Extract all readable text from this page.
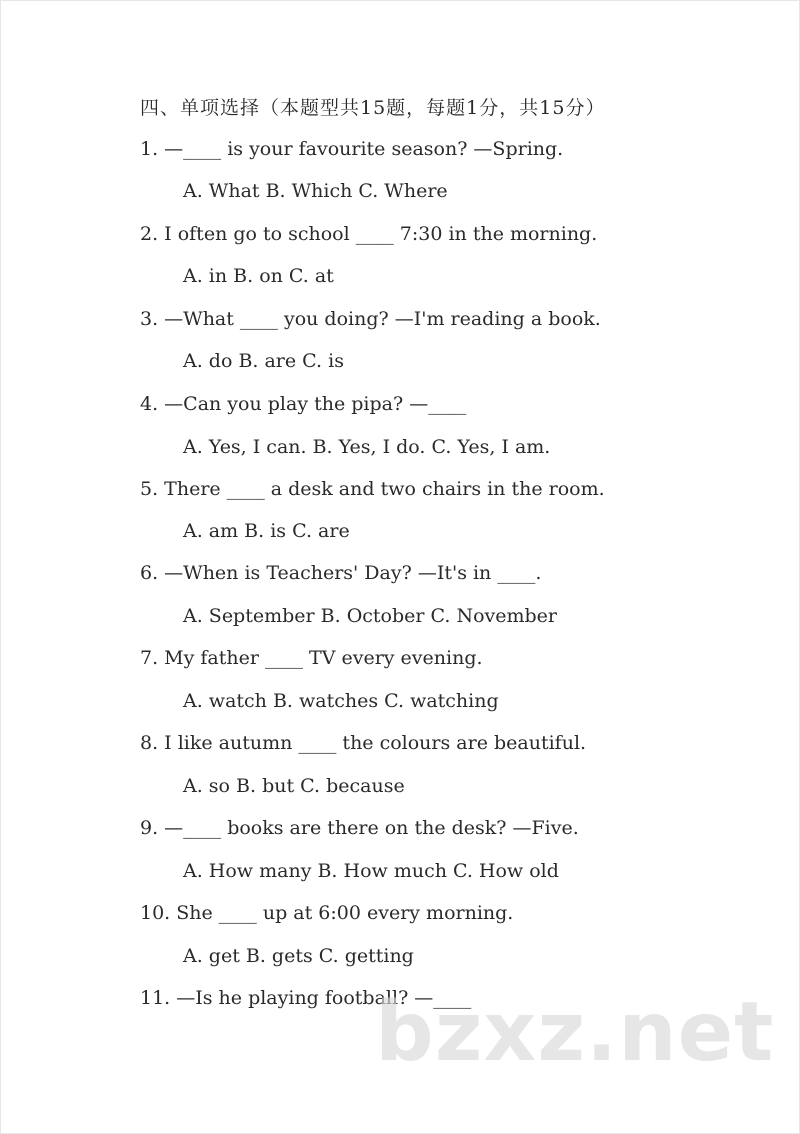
四、单项选择（本题型共15题，每题1分，共15分）
1. —____ is your favourite season? —Spring.
A. What B. Which C. Where
2. I often go to school ____ 7:30 in the morning.
A. in B. on C. at
3. —What ____ you doing? —I'm reading a book.
A. do B. are C. is
4. —Can you play the pipa? —____
A. Yes, I can. B. Yes, I do. C. Yes, I am.
5. There ____ a desk and two chairs in the room.
A. am B. is C. are
6. —When is Teachers' Day? —It's in ____.
A. September B. October C. November
7. My father ____ TV every evening.
A. watch B. watches C. watching
8. I like autumn ____ the colours are beautiful.
A. so B. but C. because
9. —____ books are there on the desk? —Five.
A. How many B. How much C. How old
10. She ____ up at 6:00 every morning.
A. get B. gets C. getting
11. —Is he playing football? —____
bzxz.net
